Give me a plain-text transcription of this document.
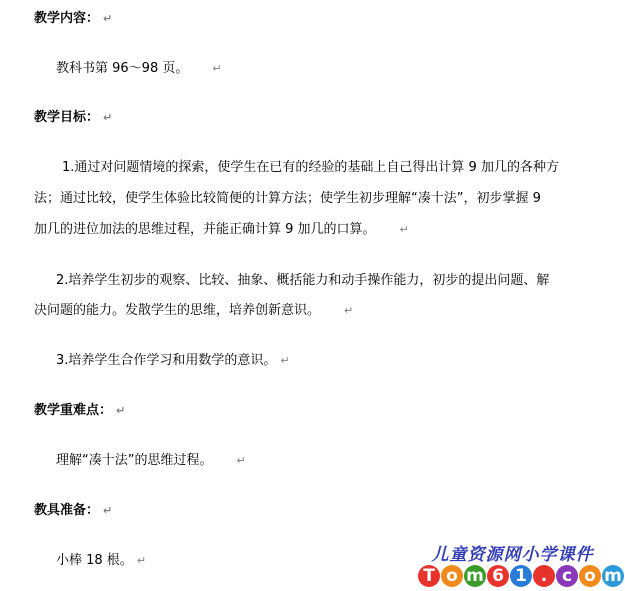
教学内容： ↵
教科书第 96～98 页。 ↵
教学目标： ↵
1.通过对问题情境的探索，使学生在已有的经验的基础上自己得出计算 9 加几的各种方
法；通过比较，使学生体验比较简便的计算方法；使学生初步理解“凑十法”，初步掌握 9
加几的进位加法的思维过程，并能正确计算 9 加几的口算。 ↵
2.培养学生初步的观察、比较、抽象、概括能力和动手操作能力，初步的提出问题、解
决问题的能力。发散学生的思维，培养创新意识。 ↵
3.培养学生合作学习和用数学的意识。 ↵
教学重难点： ↵
理解“凑十法”的思维过程。 ↵
教具准备： ↵
小棒 18 根。 ↵	儿童资源网小学课件
T o m 6 1 . c o m
